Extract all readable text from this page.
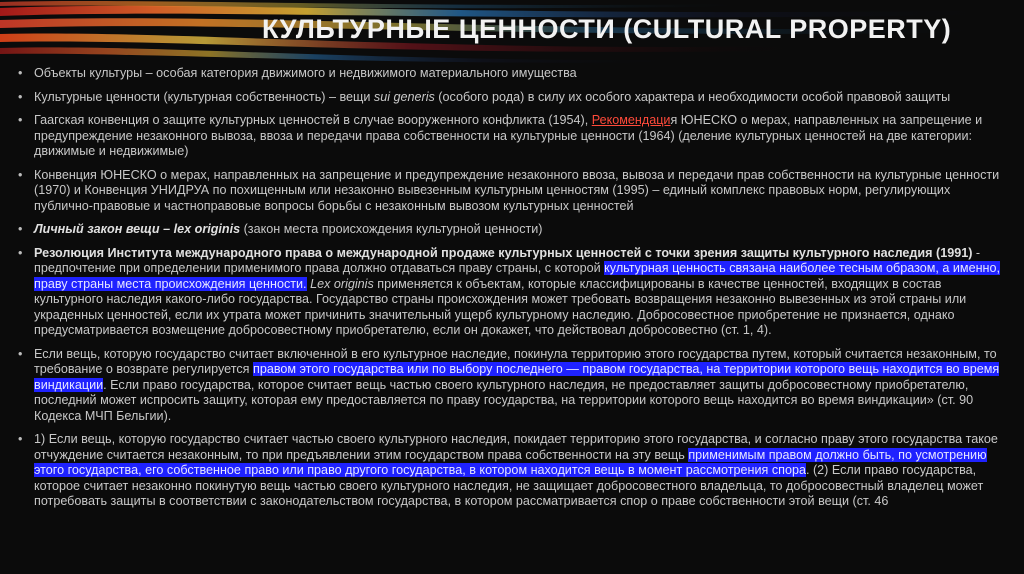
КУЛЬТУРНЫЕ ЦЕННОСТИ (CULTURAL PROPERTY)
• Объекты культуры – особая категория движимого и недвижимого материального имущества
• Культурные ценности (культурная собственность) – вещи sui generis (особого рода) в силу их особого характера и необходимости особой правовой защиты
• Гаагская конвенция о защите культурных ценностей в случае вооруженного конфликта (1954), Рекомендация ЮНЕСКО о мерах, направленных на запрещение и предупреждение незаконного вывоза, ввоза и передачи права собственности на культурные ценности (1964) (деление культурных ценностей на две категории: движимые и недвижимые)
• Конвенция ЮНЕСКО о мерах, направленных на запрещение и предупреждение незаконного ввоза, вывоза и передачи прав собственности на культурные ценности (1970) и Конвенция УНИДРУА по похищенным или незаконно вывезенным культурным ценностям (1995) – единый комплекс правовых норм, регулирующих публично-правовые и частноправовые вопросы борьбы с незаконным вывозом культурных ценностей
• Личный закон вещи – lex originis (закон места происхождения культурной ценности)
• Резолюция Института международного права о международной продаже культурных ценностей с точки зрения защиты культурного наследия (1991) - предпочтение при определении применимого права должно отдаваться праву страны, с которой культурная ценность связана наиболее тесным образом, а именно, праву страны места происхождения ценности. Lex originis применяется к объектам, которые классифицированы в качестве ценностей, входящих в состав культурного наследия какого-либо государства. Государство страны происхождения может требовать возвращения незаконно вывезенных из этой страны или украденных ценностей, если их утрата может причинить значительный ущерб культурному наследию. Добросовестное приобретение не признается, однако предусматривается возмещение добросовестному приобретателю, если он докажет, что действовал добросовестно (ст. 1, 4).
• Если вещь, которую государство считает включенной в его культурное наследие, покинула территорию этого государства путем, который считается незаконным, то требование о возврате регулируется правом этого государства или по выбору последнего — правом государства, на территории которого вещь находится во время виндикации. Если право государства, которое считает вещь частью своего культурного наследия, не предоставляет защиты добросовестному приобретателю, последний может испросить защиту, которая ему предоставляется по праву государства, на территории которого вещь находится во время виндикации» (ст. 90 Кодекса МЧП Бельгии).
• 1) Если вещь, которую государство считает частью своего культурного наследия, покидает территорию этого государства, и согласно праву этого государства такое отчуждение считается незаконным, то при предъявлении этим государством права собственности на эту вещь применимым правом должно быть, по усмотрению этого государства, его собственное право или право другого государства, в котором находится вещь в момент рассмотрения спора. (2) Если право государства, которое считает незаконно покинутую вещь частью своего культурного наследия, не защищает добросовестного владельца, то добросовестный владелец может потребовать защиты в соответствии с законодательством государства, в котором рассматривается спор о праве собственности этой вещи (ст. 46
